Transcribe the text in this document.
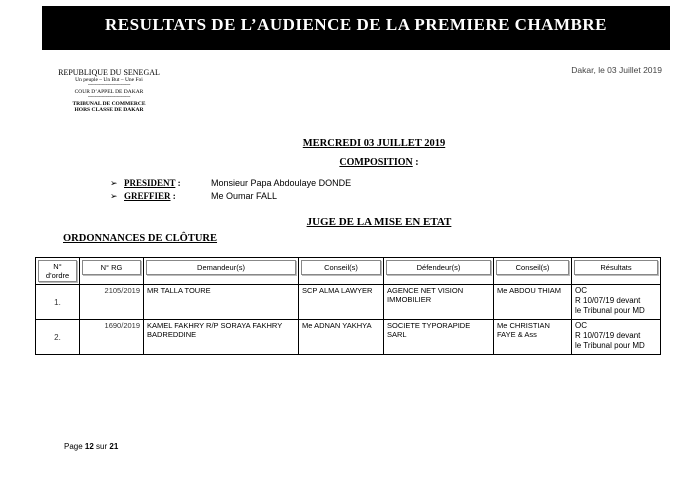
RESULTATS DE L’AUDIENCE DE LA PREMIERE CHAMBRE
REPUBLIQUE DU SENEGAL
Un peuple – Un But – Une Foi
-------------------------------
COUR D’APPEL DE DAKAR
-------------------------------
TRIBUNAL DE COMMERCE
HORS CLASSE DE DAKAR
Dakar, le 03 Juillet 2019
MERCREDI 03 JUILLET 2019
COMPOSITION :
➢ PRESIDENT :	Monsieur Papa Abdoulaye DONDE
➢ GREFFIER :	Me Oumar FALL
JUGE DE LA MISE EN ETAT
ORDONNANCES DE CLÔTURE
N°
d’ordre	N° RG	Demandeur(s)	Conseil(s)	Défendeur(s)	Conseil(s)	Résultats

1.	2105/2019	MR TALLA TOURE	SCP ALMA LAWYER	AGENCE NET VISION IMMOBILIER	Me ABDOU THIAM	OC
R 10/07/19 devant
le Tribunal pour MD

2.	1690/2019	KAMEL FAKHRY R/P SORAYA FAKHRY BADREDDINE	Me ADNAN YAKHYA	SOCIETE TYPORAPIDE SARL	Me CHRISTIAN FAYE & Ass	OC
R 10/07/19 devant
le Tribunal pour MD
Page 12 sur 21
